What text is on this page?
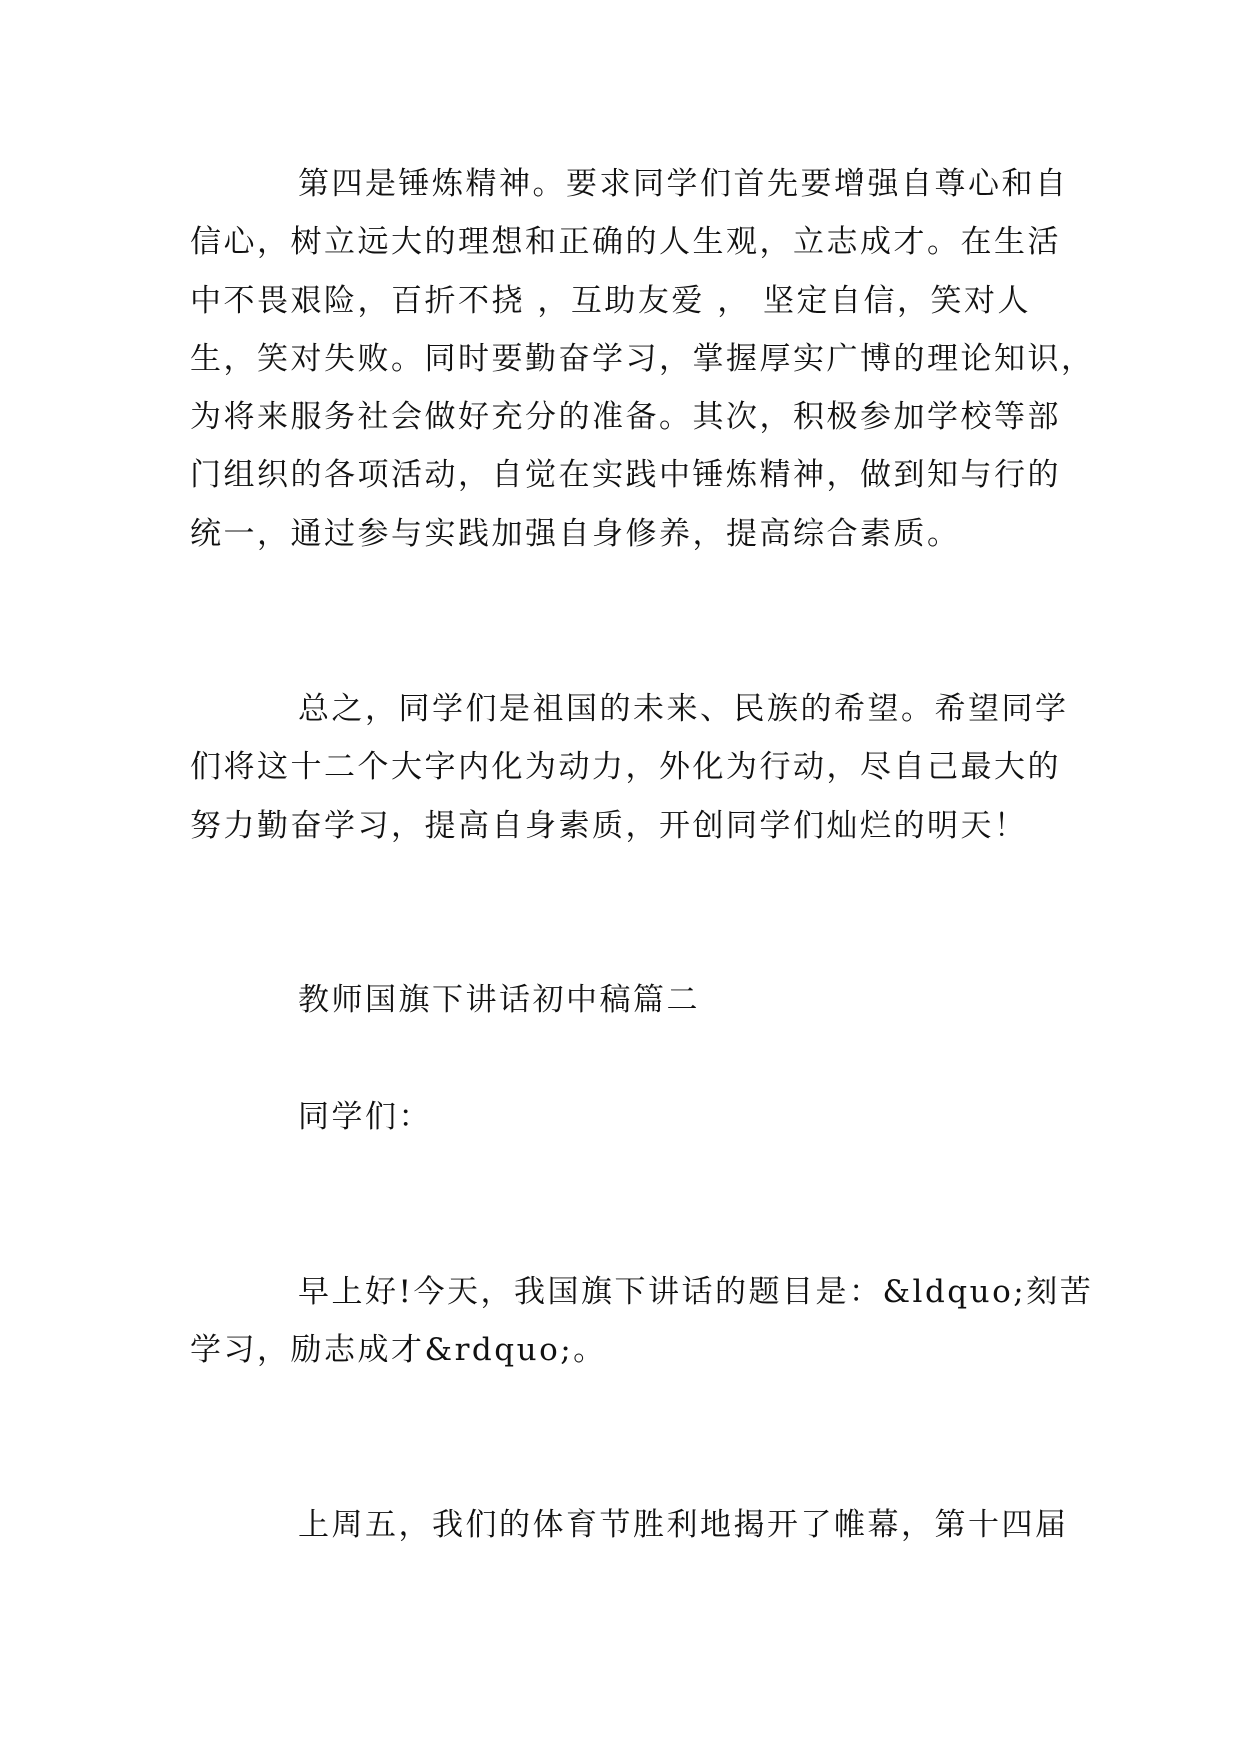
第四是锤炼精神。要求同学们首先要增强自尊心和自
信心，树立远大的理想和正确的人生观，立志成才。在生活
中不畏艰险，百折不挠 ，互助友爱 ， 坚定自信，笑对人
生，笑对失败。同时要勤奋学习，掌握厚实广博的理论知识，
为将来服务社会做好充分的准备。其次，积极参加学校等部
门组织的各项活动，自觉在实践中锤炼精神，做到知与行的
统一，通过参与实践加强自身修养，提高综合素质。
总之，同学们是祖国的未来、民族的希望。希望同学
们将这十二个大字内化为动力，外化为行动，尽自己最大的
努力勤奋学习，提高自身素质，开创同学们灿烂的明天！
教师国旗下讲话初中稿篇二
同学们：
早上好!今天，我国旗下讲话的题目是：&ldquo;刻苦
学习，励志成才&rdquo;。
上周五，我们的体育节胜利地揭开了帷幕，第十四届
